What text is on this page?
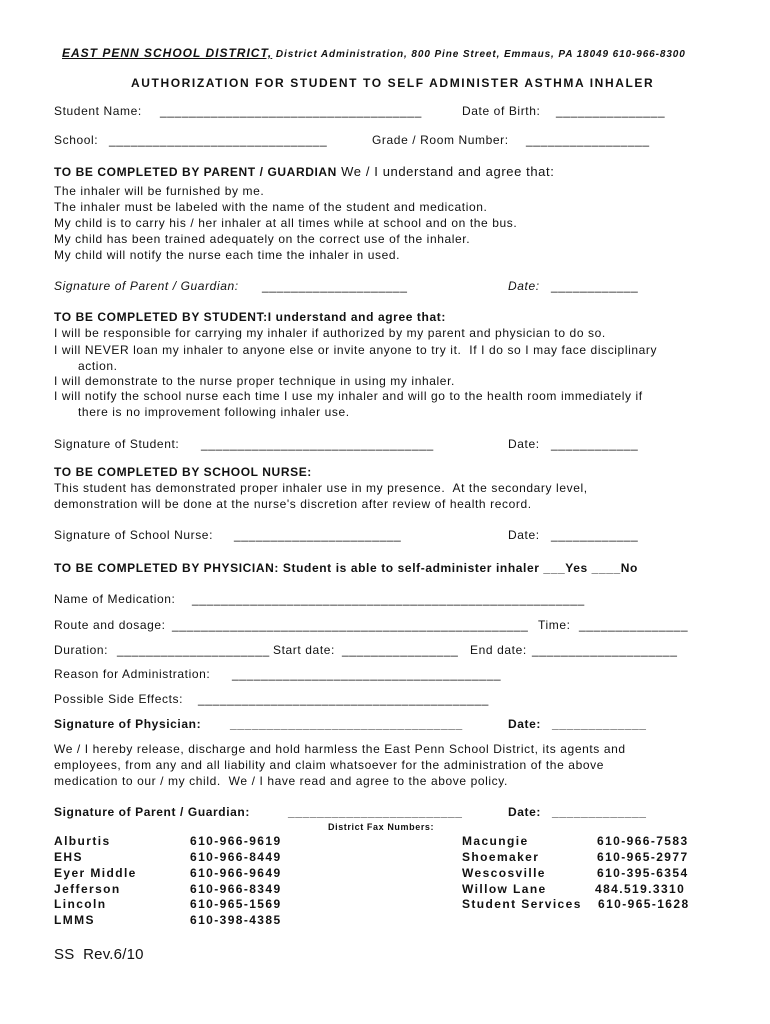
EAST PENN SCHOOL DISTRICT, District Administration, 800 Pine Street, Emmaus, PA 18049 610-966-8300
AUTHORIZATION FOR STUDENT TO SELF ADMINISTER ASTHMA INHALER
Student Name: ____________________________________	Date of Birth: _______________
School: ______________________________	Grade / Room Number: _________________
TO BE COMPLETED BY PARENT / GUARDIAN We / I understand and agree that:
The inhaler will be furnished by me.
The inhaler must be labeled with the name of the student and medication.
My child is to carry his / her inhaler at all times while at school and on the bus.
My child has been trained adequately on the correct use of the inhaler.
My child will notify the nurse each time the inhaler in used.
Signature of Parent / Guardian: ____________________	Date: ____________
TO BE COMPLETED BY STUDENT:I understand and agree that:
I will be responsible for carrying my inhaler if authorized by my parent and physician to do so.
I will NEVER loan my inhaler to anyone else or invite anyone to try it.  If I do so I may face disciplinary
action.
I will demonstrate to the nurse proper technique in using my inhaler.
I will notify the school nurse each time I use my inhaler and will go to the health room immediately if
there is no improvement following inhaler use.
Signature of Student: ________________________________	Date: ____________
TO BE COMPLETED BY SCHOOL NURSE:
This student has demonstrated proper inhaler use in my presence.  At the secondary level,
demonstration will be done at the nurse's discretion after review of health record.
Signature of School Nurse: _______________________	Date: ____________
TO BE COMPLETED BY PHYSICIAN: Student is able to self-administer inhaler ___Yes ____No
Name of Medication: ______________________________________________________
Route and dosage: _________________________________________________ Time: _______________
Duration: _____________________ Start date: ________________ End date: ____________________
Reason for Administration: _____________________________________
Possible Side Effects: ________________________________________
Signature of Physician: ________________________________	Date: _____________
We / I hereby release, discharge and hold harmless the East Penn School District, its agents and
employees, from any and all liability and claim whatsoever for the administration of the above
medication to our / my child.  We / I have read and agree to the above policy.
Signature of Parent / Guardian:	________________________	Date: _____________
District Fax Numbers:
Alburtis	610-966-9619
EHS	610-966-8449
Eyer Middle	610-966-9649
Jefferson	610-966-8349
Lincoln	610-965-1569
LMMS	610-398-4385
Macungie	610-966-7583
Shoemaker	610-965-2977
Wescosville	610-395-6354
Willow Lane	484.519.3310
Student Services 610-965-1628
SS  Rev.6/10
